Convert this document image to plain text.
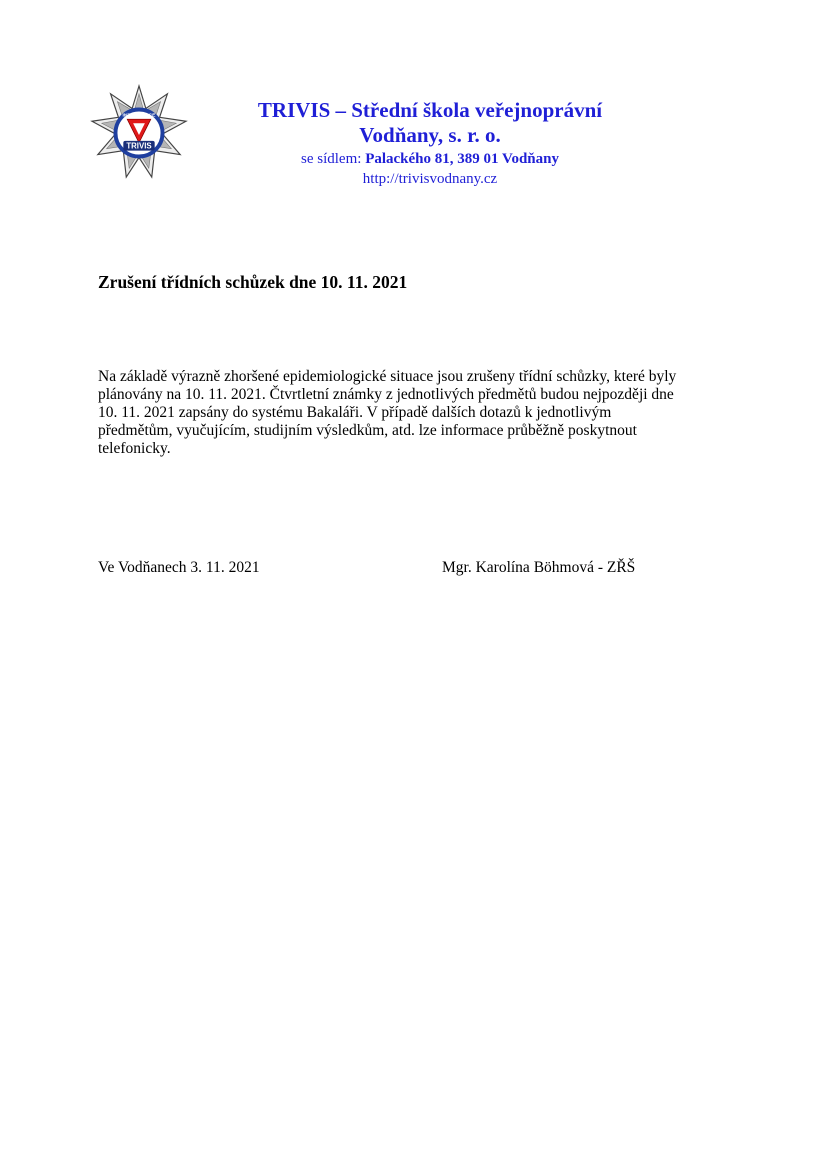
INTELIGENCE
TRIVIS

TRIVIS – Střední škola veřejnoprávní

Vodňany, s. r. o.

se sídlem: Palackého 81, 389 01 Vodňany
http://trivisvodnany.cz
Zrušení třídních schůzek dne 10. 11. 2021
Na základě výrazně zhoršené epidemiologické situace jsou zrušeny třídní schůzky, které byly
plánovány na 10. 11. 2021. Čtvrtletní známky z jednotlivých předmětů budou nejpozději dne
10. 11. 2021 zapsány do systému Bakaláři. V případě dalších dotazů k jednotlivým
předmětům, vyučujícím, studijním výsledkům, atd. lze informace průběžně poskytnout
telefonicky.
Ve Vodňanech 3. 11. 2021	Mgr. Karolína Böhmová - ZŘŠ
